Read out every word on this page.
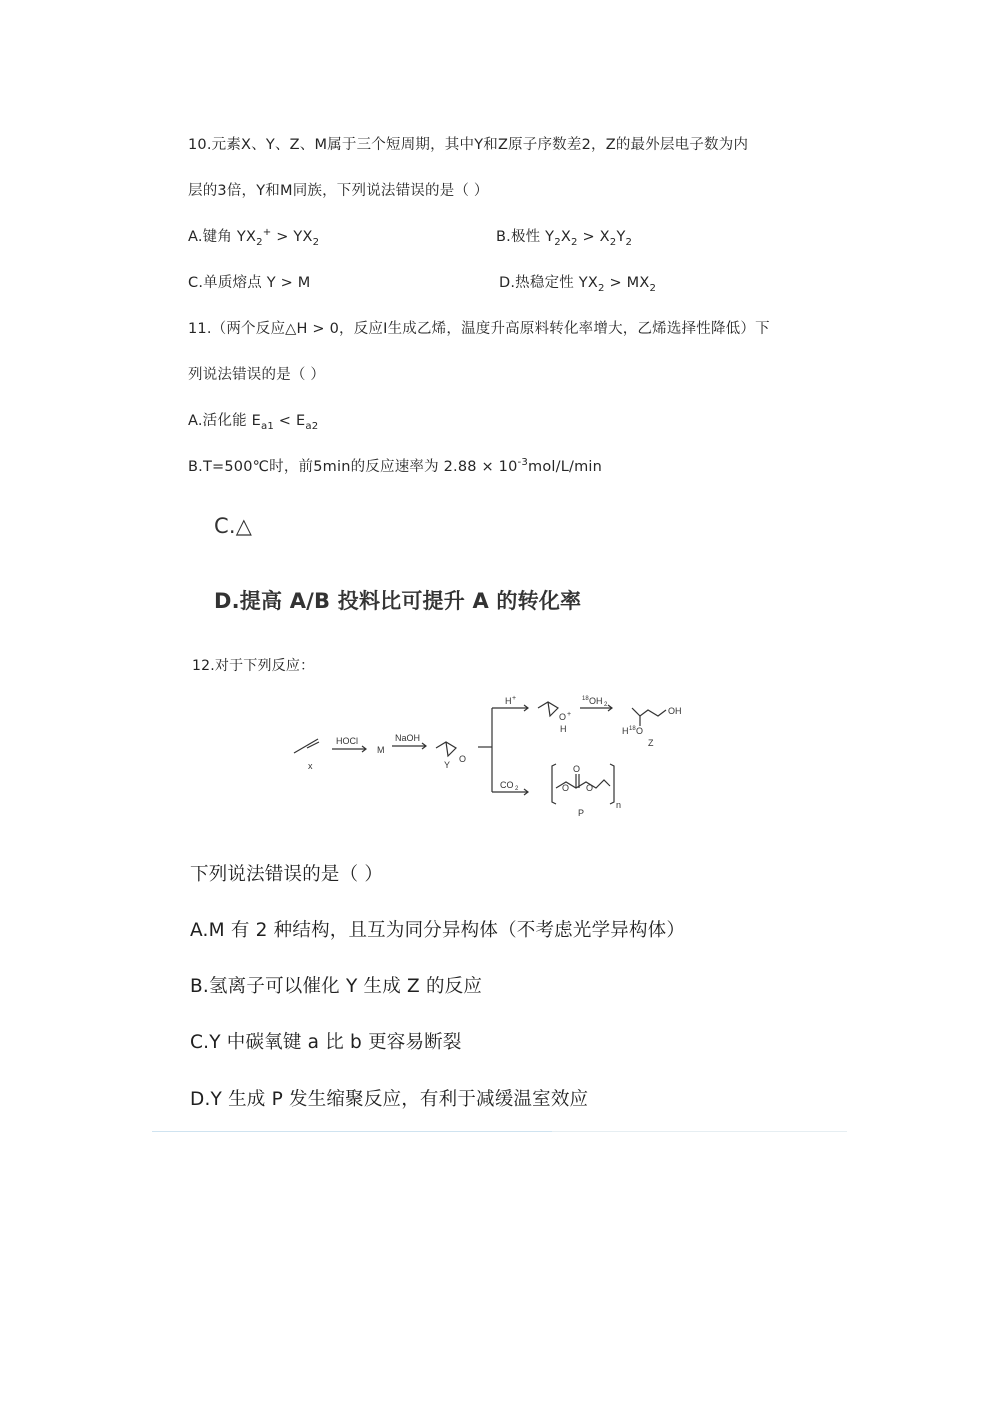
10.元素X、Y、Z、M属于三个短周期，其中Y和Z原子序数差2，Z的最外层电子数为内
层的3倍，Y和M同族，下列说法错误的是（ ）
A.键角 $YX_2^+ > YX_2$	B.极性 $Y_2X_2 > X_2Y_2$
C.单质熔点 Y > M	D.热稳定性 $YX_2 > MX_2$
11.（两个反应△H > 0，反应Ⅰ生成乙烯，温度升高原料转化率增大，乙烯选择性降低）下
列说法错误的是（ ）
A.活化能 $E_{a1} < E_{a2}$
B.T=500℃时，前5min的反应速率为 $2.88 \times 10^{-3}mol/L/\min$
C.△
D.提高 A/B 投料比可提升 A 的转化率
12.对于下列反应：
x
HOCl
M
NaOH
Y
O
H +
O +
H
18 OH 2
OH
H 18 O
Z
CO 2	O O
O
n
P
下列说法错误的是（ ）
A.M 有 2 种结构，且互为同分异构体（不考虑光学异构体）
B.氢离子可以催化 Y 生成 Z 的反应
C.Y 中碳氧键 a 比 b 更容易断裂
D.Y 生成 P 发生缩聚反应，有利于减缓温室效应
